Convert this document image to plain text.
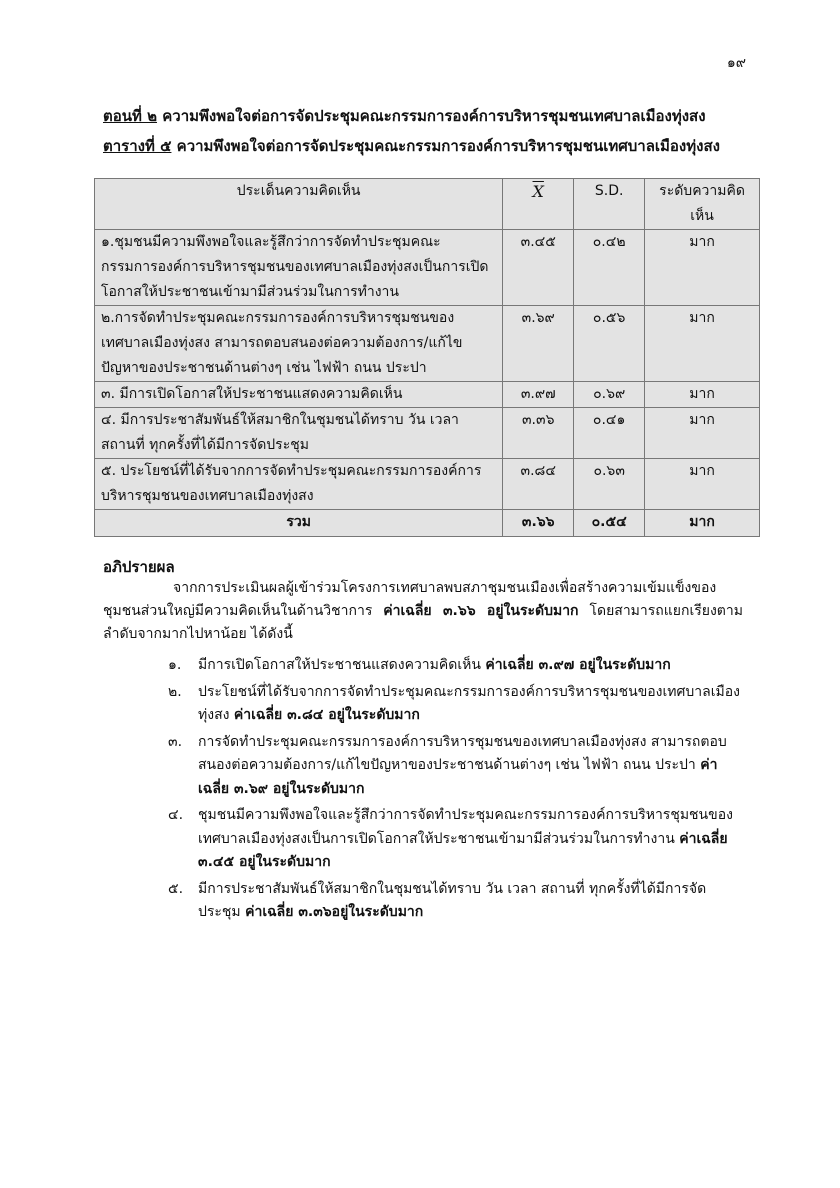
๑๙
ตอนที่ ๒ ความพึงพอใจต่อการจัดประชุมคณะกรรมการองค์การบริหารชุมชนเทศบาลเมืองทุ่งสง
ตารางที่ ๕ ความพึงพอใจต่อการจัดประชุมคณะกรรมการองค์การบริหารชุมชนเทศบาลเมืองทุ่งสง
ประเด็นความคิดเห็น	$\overline{X}$	S.D.	ระดับความคิดเห็น
๑.ชุมชนมีความพึงพอใจและรู้สึกว่าการจัดทำประชุมคณะกรรมการองค์การบริหารชุมชนของเทศบาลเมืองทุ่งสงเป็นการเปิดโอกาสให้ประชาชนเข้ามามีส่วนร่วมในการทำงาน	๓.๔๕	๐.๔๒	มาก
๒.การจัดทำประชุมคณะกรรมการองค์การบริหารชุมชนของเทศบาลเมืองทุ่งสง สามารถตอบสนองต่อความต้องการ/แก้ไขปัญหาของประชาชนด้านต่างๆ เช่น ไฟฟ้า ถนน ประปา	๓.๖๙	๐.๕๖	มาก
๓. มีการเปิดโอกาสให้ประชาชนแสดงความคิดเห็น	๓.๙๗	๐.๖๙	มาก
๔. มีการประชาสัมพันธ์ให้สมาชิกในชุมชนได้ทราบ วัน เวลา สถานที่ ทุกครั้งที่ได้มีการจัดประชุม	๓.๓๖	๐.๔๑	มาก
๕. ประโยชน์ที่ได้รับจากการจัดทำประชุมคณะกรรมการองค์การบริหารชุมชนของเทศบาลเมืองทุ่งสง	๓.๘๔	๐.๖๓	มาก
รวม	๓.๖๖	๐.๕๔	มาก
อภิปรายผล

จากการประเมินผลผู้เข้าร่วมโครงการเทศบาลพบสภาชุมชนเมืองเพื่อสร้างความเข้มแข็งของชุมชนส่วนใหญ่มีความคิดเห็นในด้านวิชาการ ค่าเฉลี่ย ๓.๖๖ อยู่ในระดับมาก โดยสามารถแยกเรียงตามลำดับจากมากไปหาน้อย ได้ดังนี้

๑. มีการเปิดโอกาสให้ประชาชนแสดงความคิดเห็น ค่าเฉลี่ย ๓.๙๗ อยู่ในระดับมาก
๒. ประโยชน์ที่ได้รับจากการจัดทำประชุมคณะกรรมการองค์การบริหารชุมชนของเทศบาลเมืองทุ่งสง ค่าเฉลี่ย ๓.๘๔ อยู่ในระดับมาก
๓. การจัดทำประชุมคณะกรรมการองค์การบริหารชุมชนของเทศบาลเมืองทุ่งสง สามารถตอบสนองต่อความต้องการ/แก้ไขปัญหาของประชาชนด้านต่างๆ เช่น ไฟฟ้า ถนน ประปา ค่าเฉลี่ย ๓.๖๙ อยู่ในระดับมาก
๔. ชุมชนมีความพึงพอใจและรู้สึกว่าการจัดทำประชุมคณะกรรมการองค์การบริหารชุมชนของเทศบาลเมืองทุ่งสงเป็นการเปิดโอกาสให้ประชาชนเข้ามามีส่วนร่วมในการทำงาน ค่าเฉลี่ย ๓.๔๕ อยู่ในระดับมาก
๕. มีการประชาสัมพันธ์ให้สมาชิกในชุมชนได้ทราบ วัน เวลา สถานที่ ทุกครั้งที่ได้มีการจัดประชุม ค่าเฉลี่ย ๓.๓๖อยู่ในระดับมาก
